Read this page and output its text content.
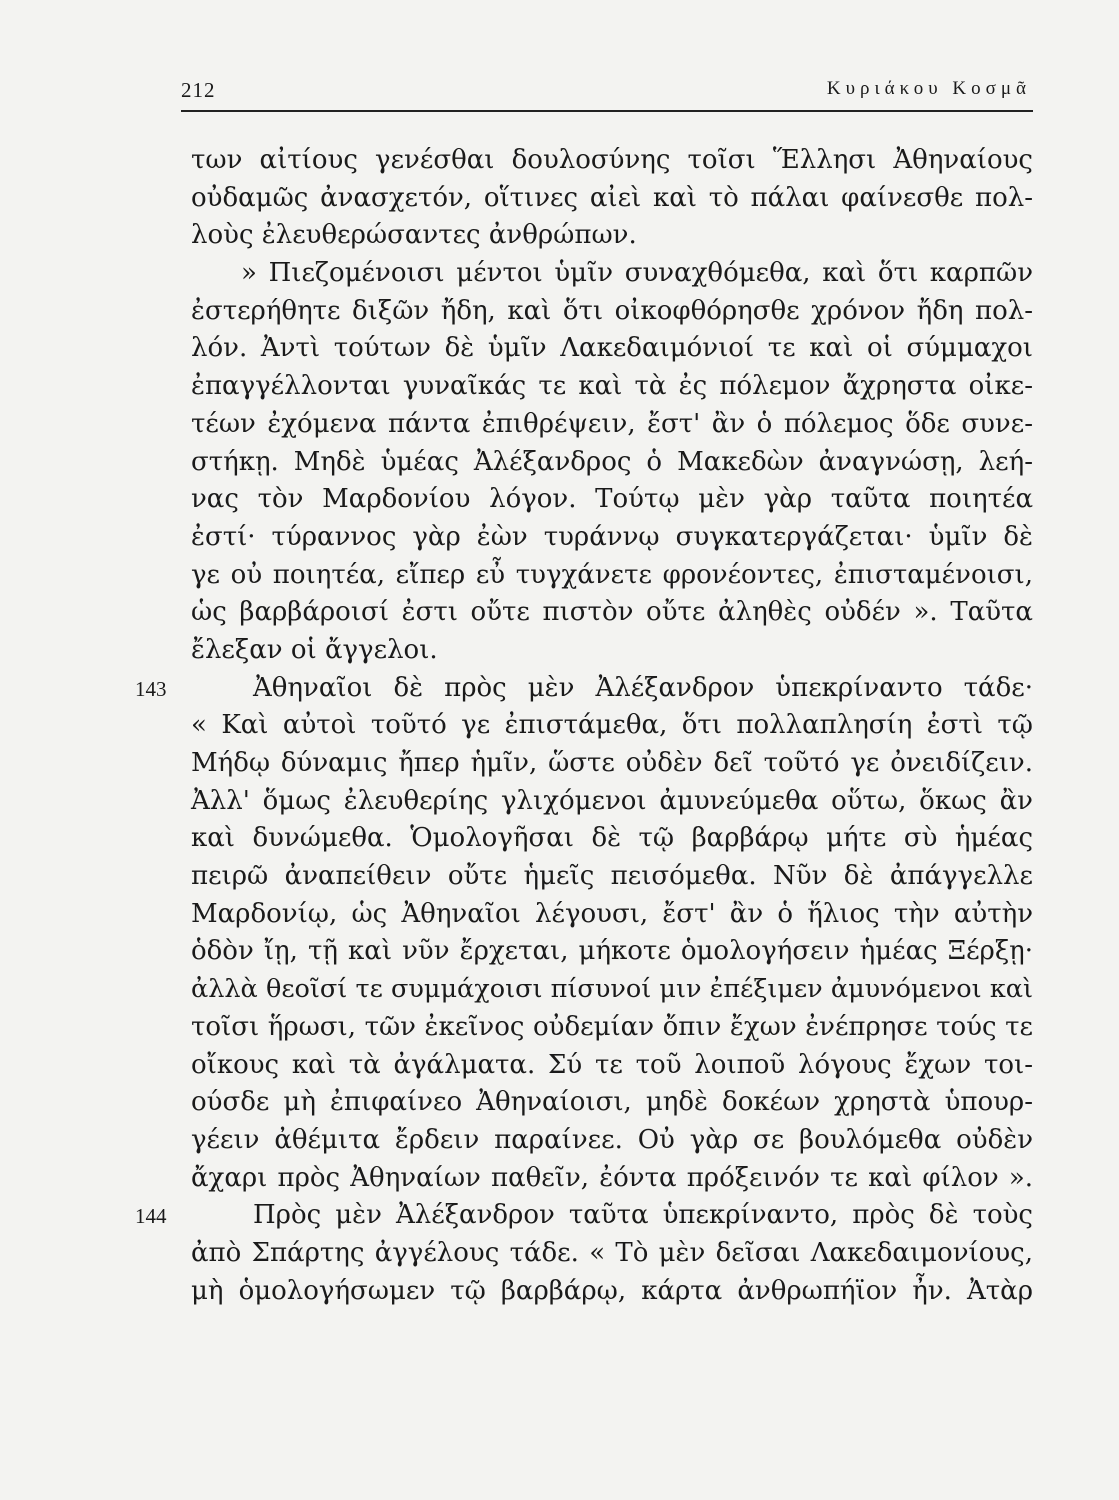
212	Κυριάκου Κοσμᾶ
των αἰτίους γενέσθαι δουλοσύνης τοῖσι Ἕλλησι Ἀθηναίους
οὐδαμῶς ἀνασχετόν, οἵτινες αἰεὶ καὶ τὸ πάλαι φαίνεσθε πολ-
λοὺς ἐλευθερώσαντες ἀνθρώπων.
» Πιεζομένοισι μέντοι ὑμῖν συναχθόμεθα, καὶ ὅτι καρπῶν
ἐστερήθητε διξῶν ἤδη, καὶ ὅτι οἰκοφθόρησθε χρόνον ἤδη πολ-
λόν. Ἀντὶ τούτων δὲ ὑμῖν Λακεδαιμόνιοί τε καὶ οἱ σύμμαχοι
ἐπαγγέλλονται γυναῖκάς τε καὶ τὰ ἐς πόλεμον ἄχρηστα οἰκε-
τέων ἐχόμενα πάντα ἐπιθρέψειν, ἔστ' ἂν ὁ πόλεμος ὅδε συνε-
στήκῃ. Μηδὲ ὑμέας Ἀλέξανδρος ὁ Μακεδὼν ἀναγνώσῃ, λεή-
νας τὸν Μαρδονίου λόγον. Τούτῳ μὲν γὰρ ταῦτα ποιητέα
ἐστί· τύραννος γὰρ ἐὼν τυράννῳ συγκατεργάζεται· ὑμῖν δὲ
γε οὐ ποιητέα, εἴπερ εὖ τυγχάνετε φρονέοντες, ἐπισταμένοισι,
ὡς βαρβάροισί ἐστι οὔτε πιστὸν οὔτε ἀληθὲς οὐδέν ». Ταῦτα
ἔλεξαν οἱ ἄγγελοι.
143	Ἀθηναῖοι δὲ πρὸς μὲν Ἀλέξανδρον ὑπεκρίναντο τάδε·
« Καὶ αὐτοὶ τοῦτό γε ἐπιστάμεθα, ὅτι πολλαπλησίη ἐστὶ τῷ
Μήδῳ δύναμις ἤπερ ἡμῖν, ὥστε οὐδὲν δεῖ τοῦτό γε ὀνειδίζειν.
Ἀλλ' ὅμως ἐλευθερίης γλιχόμενοι ἀμυνεύμεθα οὕτω, ὅκως ἂν
καὶ δυνώμεθα. Ὁμολογῆσαι δὲ τῷ βαρβάρῳ μήτε σὺ ἡμέας
πειρῶ ἀναπείθειν οὔτε ἡμεῖς πεισόμεθα. Νῦν δὲ ἀπάγγελλε
Μαρδονίῳ, ὡς Ἀθηναῖοι λέγουσι, ἔστ' ἂν ὁ ἥλιος τὴν αὐτὴν
ὁδὸν ἴῃ, τῇ καὶ νῦν ἔρχεται, μήκοτε ὁμολογήσειν ἡμέας Ξέρξῃ·
ἀλλὰ θεοῖσί τε συμμάχοισι πίσυνοί μιν ἐπέξιμεν ἀμυνόμενοι καὶ
τοῖσι ἥρωσι, τῶν ἐκεῖνος οὐδεμίαν ὄπιν ἔχων ἐνέπρησε τούς τε
οἴκους καὶ τὰ ἀγάλματα. Σύ τε τοῦ λοιποῦ λόγους ἔχων τοι-
ούσδε μὴ ἐπιφαίνεο Ἀθηναίοισι, μηδὲ δοκέων χρηστὰ ὑπουρ-
γέειν ἀθέμιτα ἔρδειν παραίνεε. Οὐ γὰρ σε βουλόμεθα οὐδὲν
ἄχαρι πρὸς Ἀθηναίων παθεῖν, ἐόντα πρόξεινόν τε καὶ φίλον ».
144	Πρὸς μὲν Ἀλέξανδρον ταῦτα ὑπεκρίναντο, πρὸς δὲ τοὺς
ἀπὸ Σπάρτης ἀγγέλους τάδε. « Τὸ μὲν δεῖσαι Λακεδαιμονίους,
μὴ ὁμολογήσωμεν τῷ βαρβάρῳ, κάρτα ἀνθρωπήϊον ἦν. Ἀτὰρ
